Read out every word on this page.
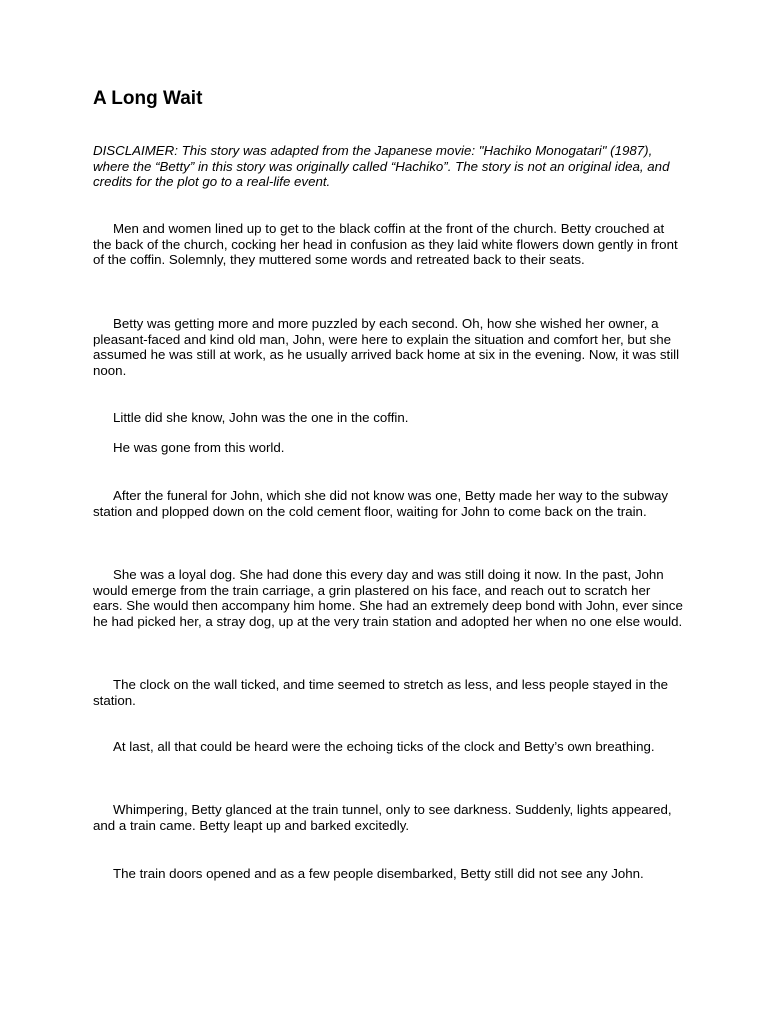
A Long Wait

DISCLAIMER: This story was adapted from the Japanese movie: "Hachiko Monogatari" (1987), where the “Betty” in this story was originally called “Hachiko”. The story is not an original idea, and credits for the plot go to a real-life event.

Men and women lined up to get to the black coffin at the front of the church. Betty crouched at the back of the church, cocking her head in confusion as they laid white flowers down gently in front of the coffin. Solemnly, they muttered some words and retreated back to their seats.

Betty was getting more and more puzzled by each second. Oh, how she wished her owner, a pleasant-faced and kind old man, John, were here to explain the situation and comfort her, but she assumed he was still at work, as he usually arrived back home at six in the evening. Now, it was still noon.

Little did she know, John was the one in the coffin.

He was gone from this world.

After the funeral for John, which she did not know was one, Betty made her way to the subway station and plopped down on the cold cement floor, waiting for John to come back on the train.

She was a loyal dog. She had done this every day and was still doing it now. In the past, John would emerge from the train carriage, a grin plastered on his face, and reach out to scratch her ears. She would then accompany him home. She had an extremely deep bond with John, ever since he had picked her, a stray dog, up at the very train station and adopted her when no one else would.

The clock on the wall ticked, and time seemed to stretch as less, and less people stayed in the station.

At last, all that could be heard were the echoing ticks of the clock and Betty’s own breathing.

Whimpering, Betty glanced at the train tunnel, only to see darkness. Suddenly, lights appeared, and a train came. Betty leapt up and barked excitedly.

The train doors opened and as a few people disembarked, Betty still did not see any John.
